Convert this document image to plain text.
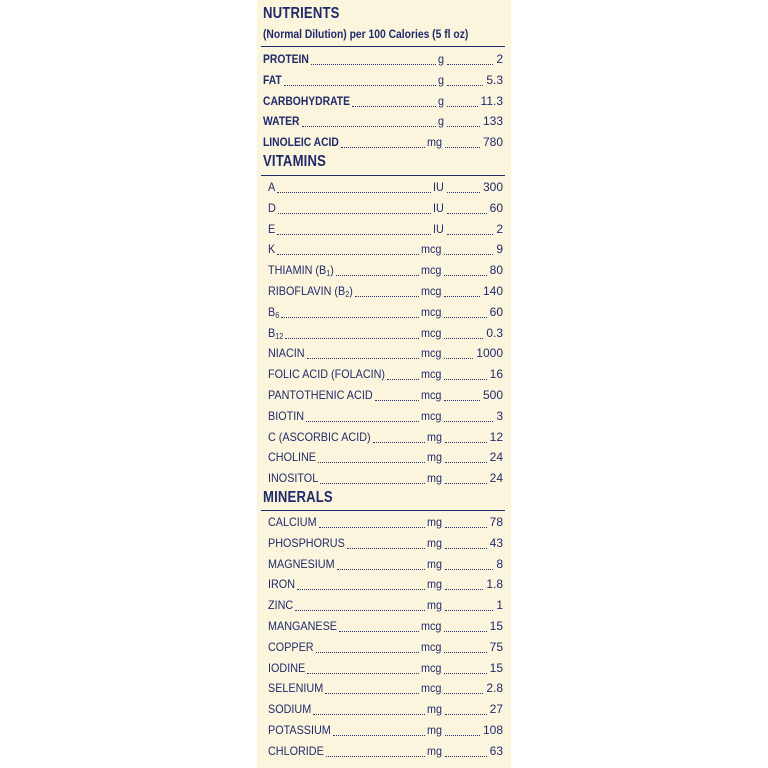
NUTRIENTS
(Normal Dilution) per 100 Calories (5 fl oz)
PROTEIN	g	2
FAT	g	5.3
CARBOHYDRATE	g	11.3
WATER	g	133
LINOLEIC ACID	mg	780
VITAMINS
A	IU	300
D	IU	60
E	IU	2
K	mcg	9
THIAMIN $(B_1)$	mcg	80
RIBOFLAVIN $(B_2)$	mcg	140
$B_6$	mcg	60
$B_{12}$	mcg	0.3
NIACIN	mcg	1000
FOLIC ACID (FOLACIN)	mcg	16
PANTOTHENIC ACID	mcg	500
BIOTIN	mcg	3
C (ASCORBIC ACID)	mg	12
CHOLINE	mg	24
INOSITOL	mg	24
MINERALS
CALCIUM	mg	78
PHOSPHORUS	mg	43
MAGNESIUM	mg	8
IRON	mg	1.8
ZINC	mg	1
MANGANESE	mcg	15
COPPER	mcg	75
IODINE	mcg	15
SELENIUM	mcg	2.8
SODIUM	mg	27
POTASSIUM	mg	108
CHLORIDE	mg	63
